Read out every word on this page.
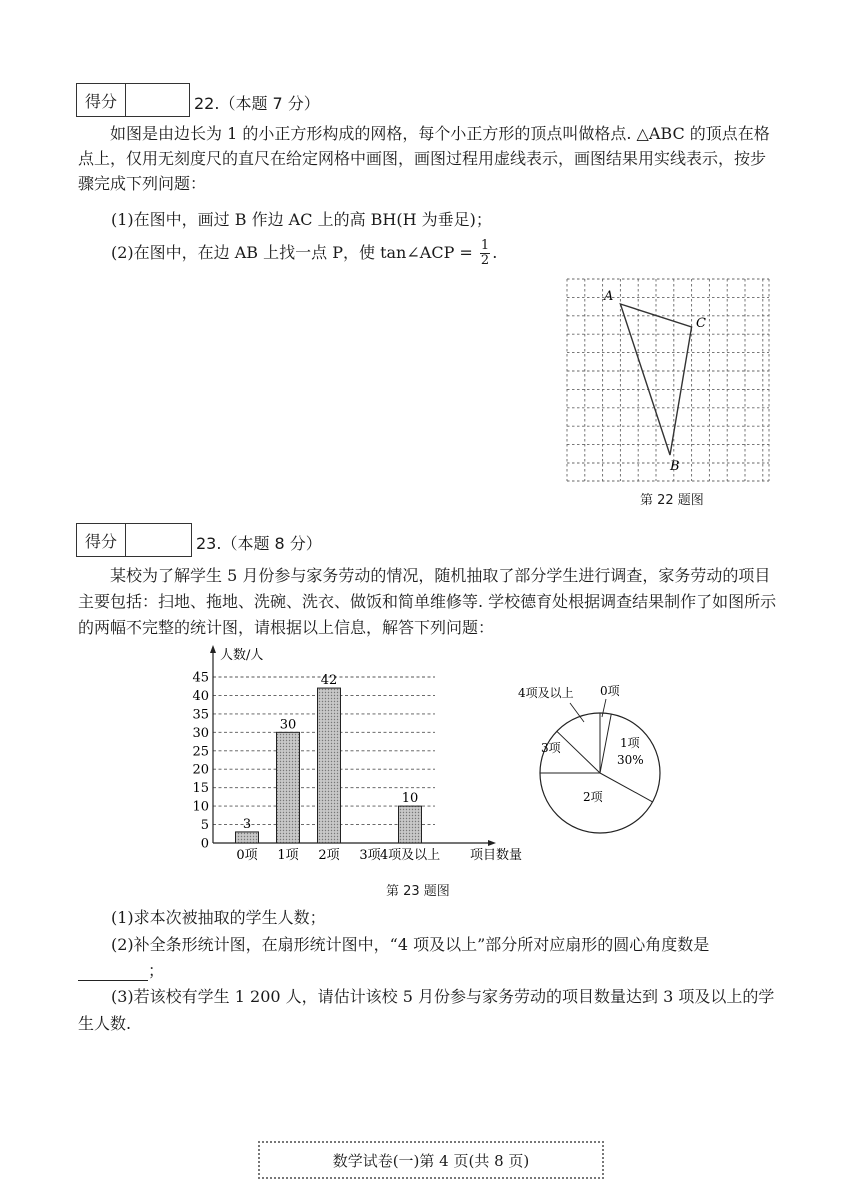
得分	22.（本题 7 分）
如图是由边长为 1 的小正方形构成的网格，每个小正方形的顶点叫做格点. △ABC 的顶点在格点上，仅用无刻度尺的直尺在给定网格中画图，画图过程用虚线表示，画图结果用实线表示，按步骤完成下列问题：
(1)在图中，画过 B 作边 AC 上的高 BH(H 为垂足)；
(2)在图中，在边 AB 上找一点 P，使 tan∠ACP = $\frac{1}{2}$ .
A
C
B
第 22 题图
得分	23.（本题 8 分）
某校为了解学生 5 月份参与家务劳动的情况，随机抽取了部分学生进行调查，家务劳动的项目主要包括：扫地、拖地、洗碗、洗衣、做饭和简单维修等. 学校德育处根据调查结果制作了如图所示的两幅不完整的统计图，请根据以上信息，解答下列问题：
0
5
10
15
20
25
30
35
40
45
3
30
42
10
0项 1项 2项 3项 4项及以上
人数/人
项目数量
4项及以上 0项
3项	1项
30%
2项
第 23 题图
(1)求本次被抽取的学生人数；
(2)补全条形统计图，在扇形统计图中，“4 项及以上”部分所对应扇形的圆心角度数是
；
(3)若该校有学生 1 200 人，请估计该校 5 月份参与家务劳动的项目数量达到 3 项及以上的学生人数.
数学试卷(一)第 4 页(共 8 页)
